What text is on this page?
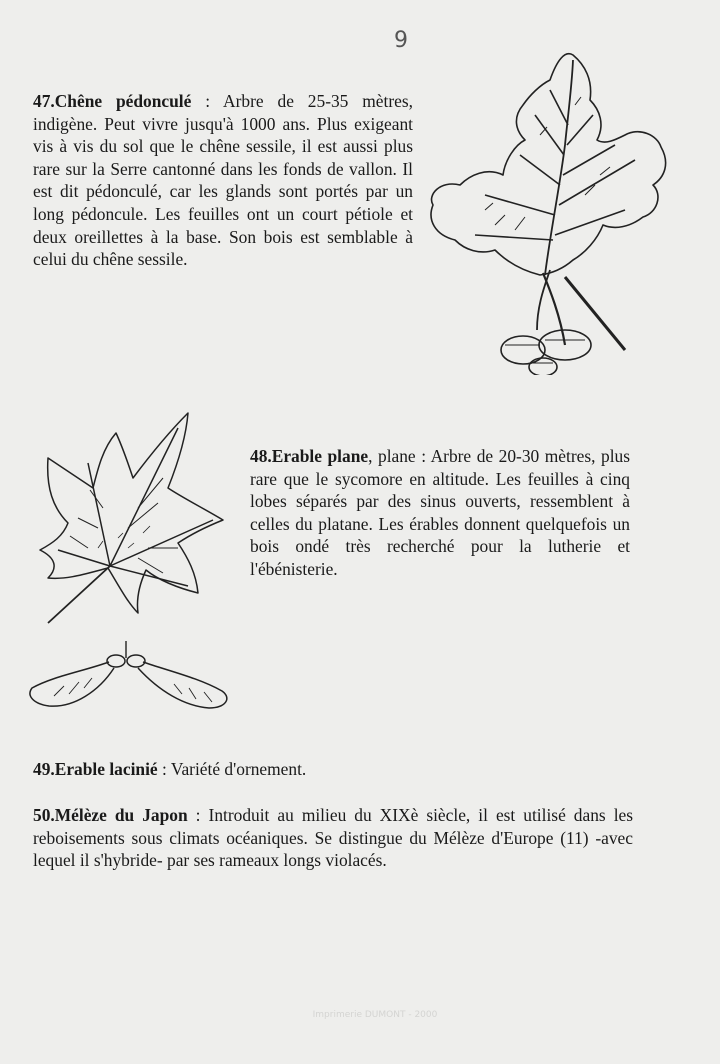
9
47.Chêne pédonculé : Arbre de 25-35 mètres, indigène. Peut vivre jusqu'à 1000 ans. Plus exigeant vis à vis du sol que le chêne sessile, il est aussi plus rare sur la Serre cantonné dans les fonds de vallon. Il est dit pédonculé, car les glands sont portés par un long pédoncule. Les feuilles ont un court pétiole et deux oreillettes à la base. Son bois est semblable à celui du chêne sessile.
48.Erable plane, plane : Arbre de 20-30 mètres, plus rare que le sycomore en altitude. Les feuilles à cinq lobes séparés par des sinus ouverts, ressemblent à celles du platane. Les érables donnent quelquefois un bois ondé très recherché pour la lutherie et l'ébénisterie.
49.Erable lacinié : Variété d'ornement.
50.Mélèze du Japon : Introduit au milieu du XIXè siècle, il est utilisé dans les reboisements sous climats océaniques. Se distingue du Mélèze d'Europe (11) -avec lequel il s'hybride- par ses rameaux longs violacés.
Imprimerie DUMONT - 2000
